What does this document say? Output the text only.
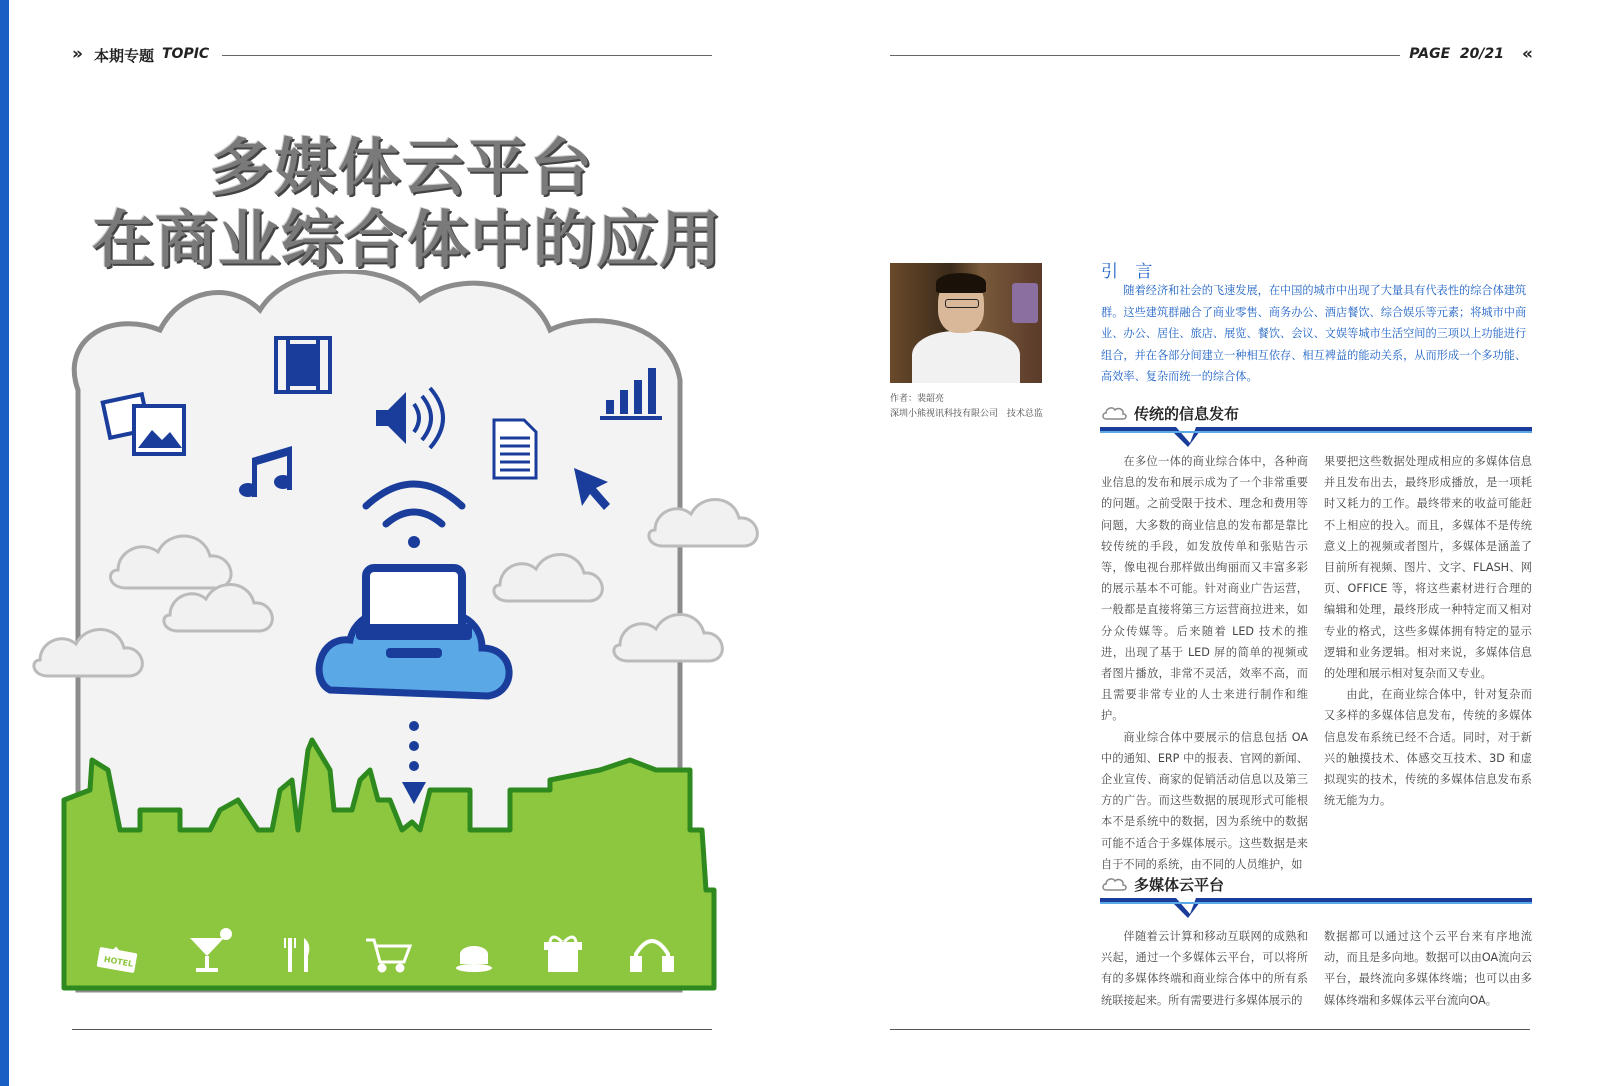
» 本期专题 TOPIC	PAGE 20/21 «
多媒体云平台
在商业综合体中的应用
HOTEL
作者：裴韶亮
深圳小熊视讯科技有限公司 技术总监
引 言

随着经济和社会的飞速发展，在中国的城市中出现了大量具有代表性的综合体建筑群。这些建筑群融合了商业零售、商务办公、酒店餐饮、综合娱乐等元素；将城市中商业、办公、居住、旅店、展览、餐饮、会议、文娱等城市生活空间的三项以上功能进行组合，并在各部分间建立一种相互依存、相互裨益的能动关系，从而形成一个多功能、高效率、复杂而统一的综合体。

传统的信息发布

在多位一体的商业综合体中，各种商业信息的发布和展示成为了一个非常重要的问题。之前受限于技术、理念和费用等问题，大多数的商业信息的发布都是靠比较传统的手段，如发放传单和张贴告示等，像电视台那样做出绚丽而又丰富多彩的展示基本不可能。针对商业广告运营，一般都是直接将第三方运营商拉进来，如分众传媒等。后来随着 LED 技术的推进，出现了基于 LED 屏的简单的视频或者图片播放，非常不灵活，效率不高，而且需要非常专业的人士来进行制作和维护。

商业综合体中要展示的信息包括 OA 中的通知、ERP 中的报表、官网的新闻、企业宣传、商家的促销活动信息以及第三方的广告。而这些数据的展现形式可能根本不是系统中的数据，因为系统中的数据可能不适合于多媒体展示。这些数据是来自于不同的系统，由不同的人员维护，如

果要把这些数据处理成相应的多媒体信息并且发布出去，最终形成播放，是一项耗时又耗力的工作。最终带来的收益可能赶不上相应的投入。而且，多媒体不是传统意义上的视频或者图片，多媒体是涵盖了目前所有视频、图片、文字、FLASH、网页、OFFICE 等，将这些素材进行合理的编辑和处理，最终形成一种特定而又相对专业的格式，这些多媒体拥有特定的显示逻辑和业务逻辑。相对来说，多媒体信息的处理和展示相对复杂而又专业。

由此，在商业综合体中，针对复杂而又多样的多媒体信息发布，传统的多媒体信息发布系统已经不合适。同时，对于新兴的触摸技术、体感交互技术、3D 和虚拟现实的技术，传统的多媒体信息发布系统无能为力。

多媒体云平台

伴随着云计算和移动互联网的成熟和兴起，通过一个多媒体云平台，可以将所有的多媒体终端和商业综合体中的所有系统联接起来。所有需要进行多媒体展示的

数据都可以通过这个云平台来有序地流动，而且是多向地。数据可以由OA流向云平台，最终流向多媒体终端；也可以由多媒体终端和多媒体云平台流向OA。
